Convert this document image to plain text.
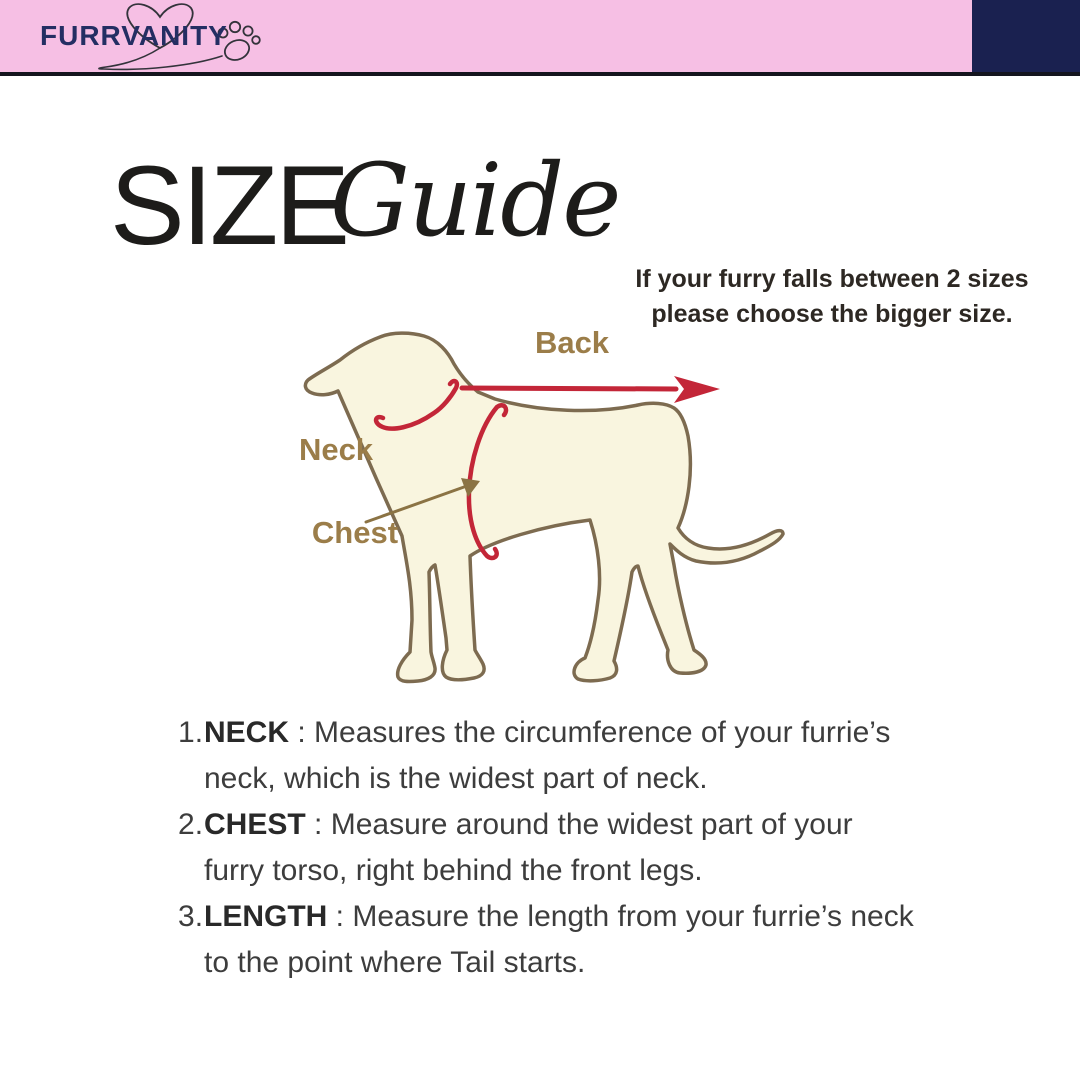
FURRVANITY
SIZE
Guide
If your furry falls between 2 sizes
please choose the bigger size.
Back
Neck
Chest
NECK : Measures the circumference of your furrie’s neck, which is the widest part of neck.
CHEST : Measure around the widest part of your furry torso, right behind the front legs.
LENGTH : Measure the length from your furrie’s neck to the point where Tail starts.
